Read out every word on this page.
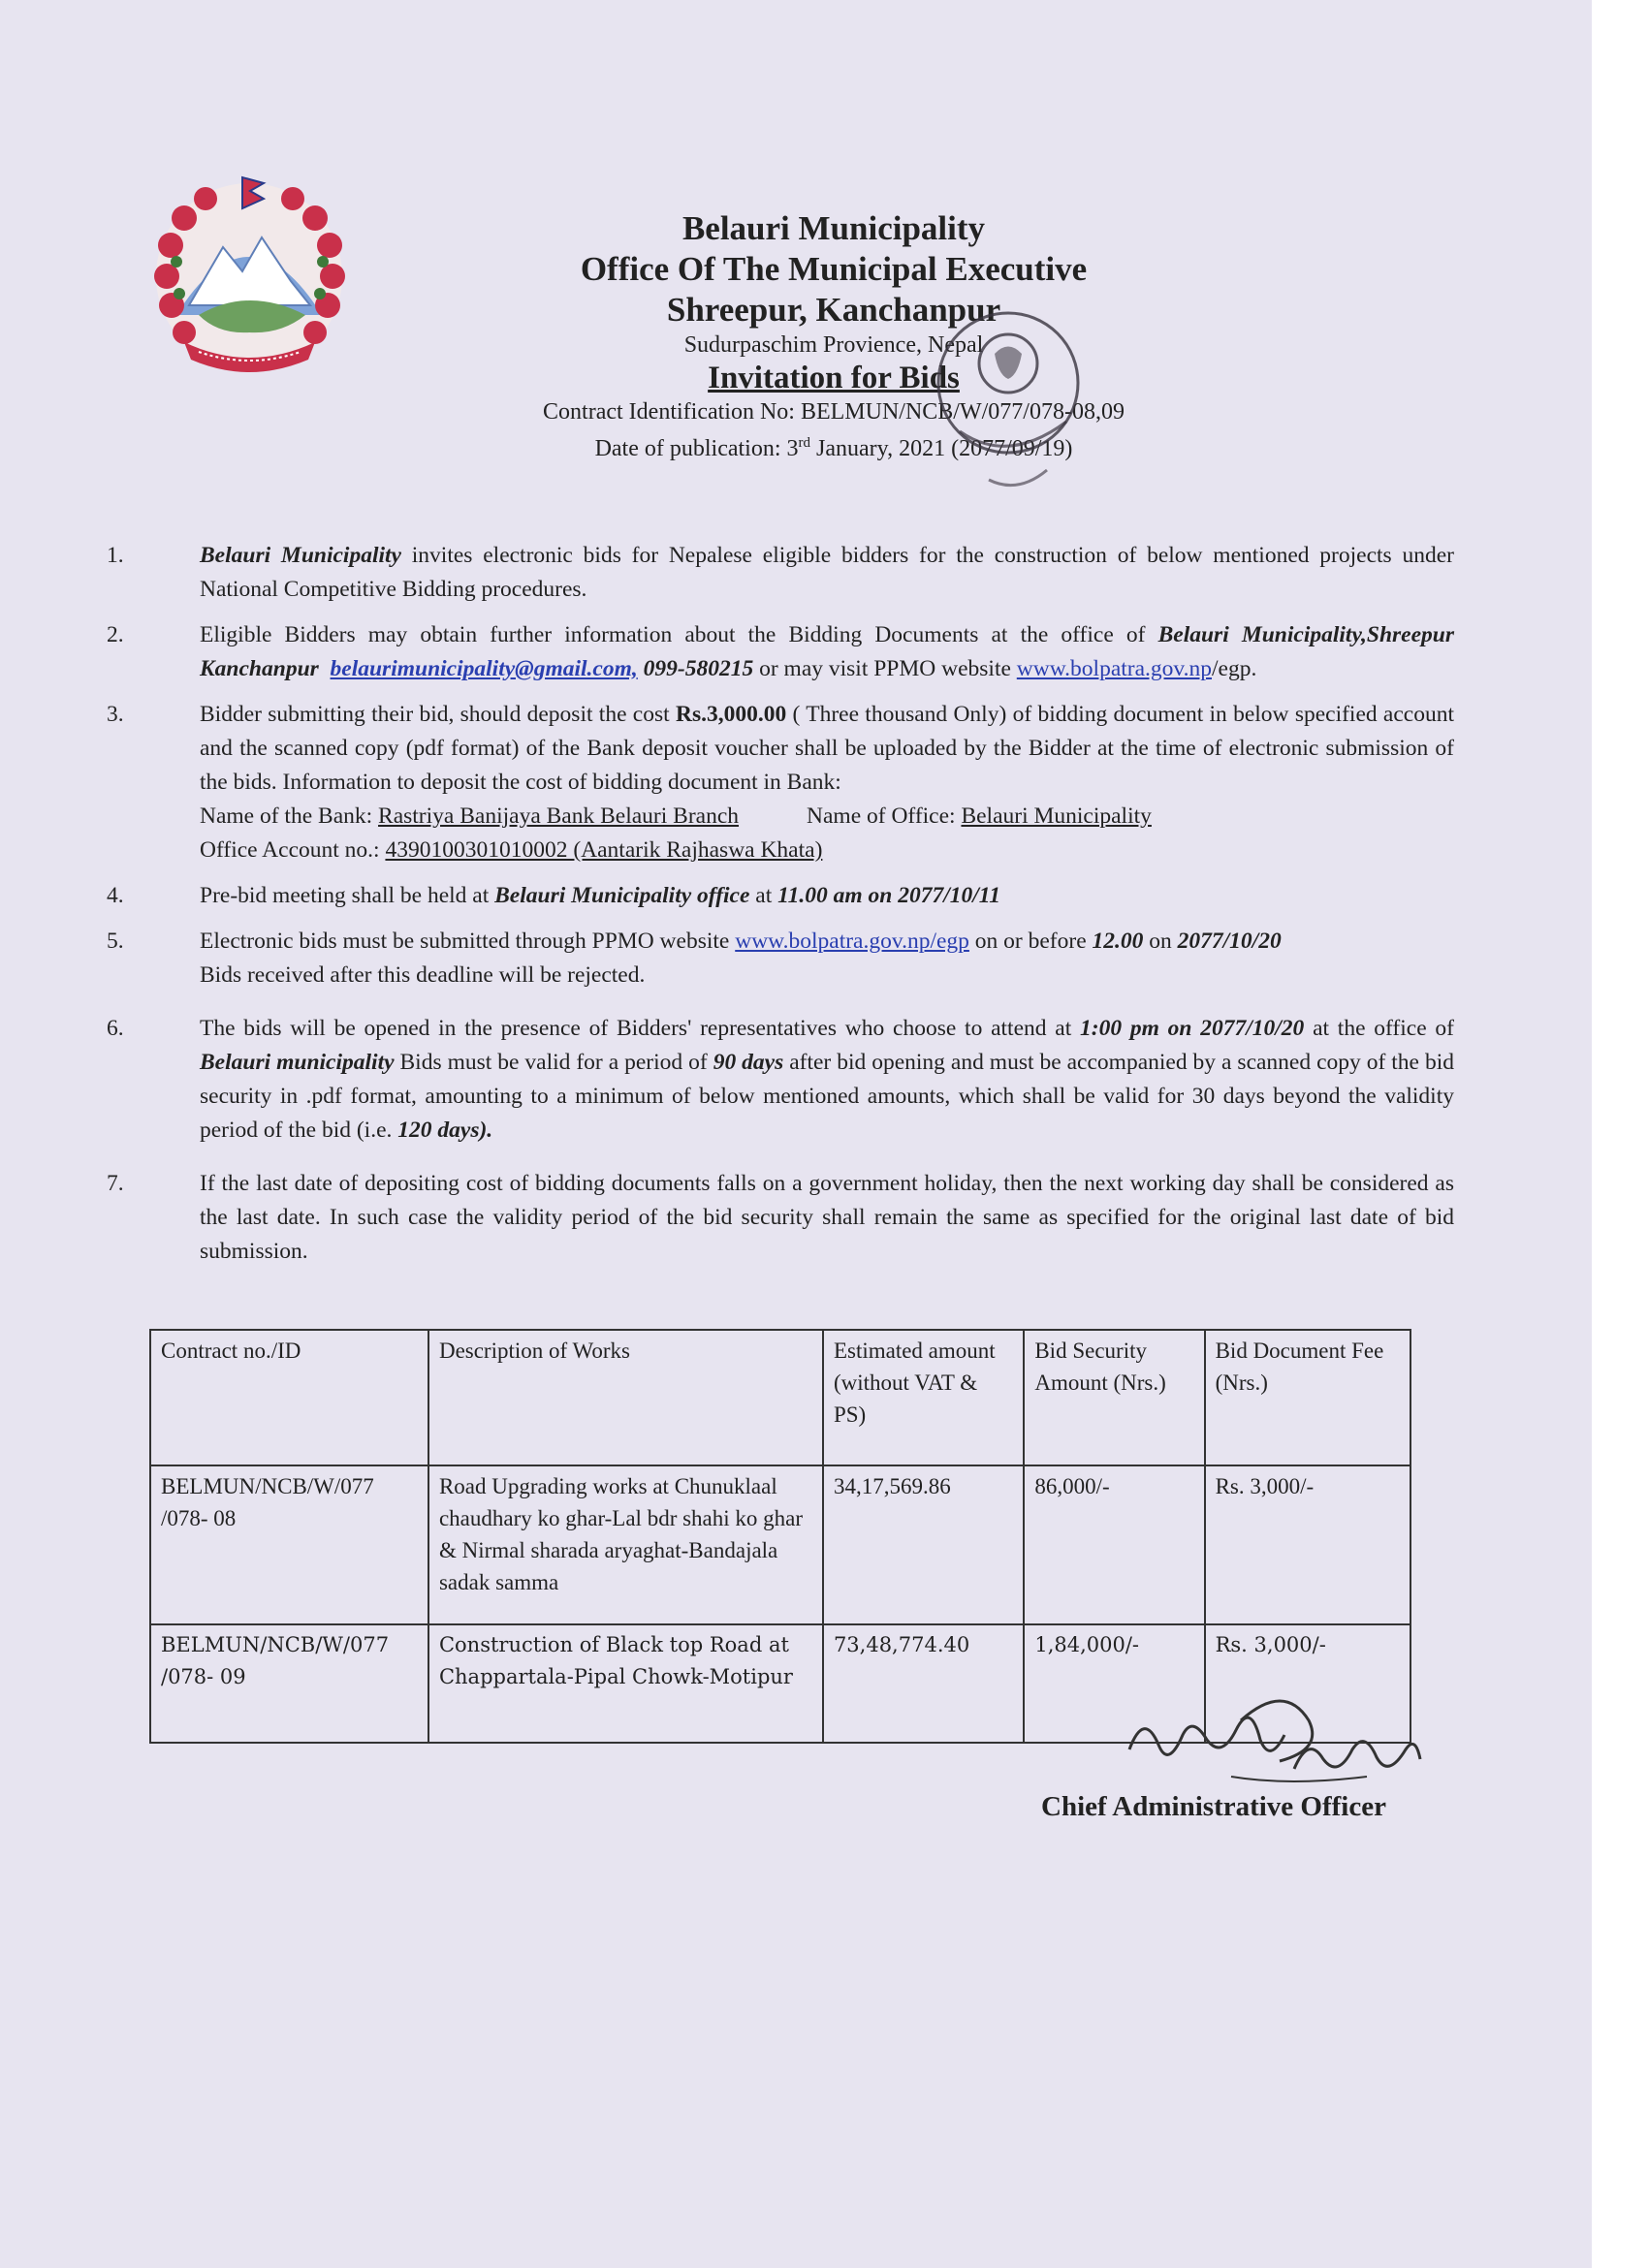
Belauri Municipality
Office Of The Municipal Executive
Shreepur, Kanchanpur
Sudurpaschim Provience, Nepal
Invitation for Bids
Contract Identification No: BELMUN/NCB/W/077/078-08,09
Date of publication: 3rd January, 2021 (2077/09/19)
1.	Belauri Municipality invites electronic bids for Nepalese eligible bidders for the construction of below mentioned projects under National Competitive Bidding procedures.
2.	Eligible Bidders may obtain further information about the Bidding Documents at the office of Belauri Municipality,Shreepur Kanchanpur belaurimunicipality@gmail.com, 099-580215 or may visit PPMO website www.bolpatra.gov.np/egp.
3.	Bidder submitting their bid, should deposit the cost Rs.3,000.00 ( Three thousand Only) of bidding document in below specified account and the scanned copy (pdf format) of the Bank deposit voucher shall be uploaded by the Bidder at the time of electronic submission of the bids. Information to deposit the cost of bidding document in Bank:
Name of the Bank: Rastriya Banijaya Bank Belauri Branch	Name of Office: Belauri Municipality
Office Account no.: 4390100301010002 (Aantarik Rajhaswa Khata)
4.	Pre-bid meeting shall be held at Belauri Municipality office at 11.00 am on 2077/10/11
5.	Electronic bids must be submitted through PPMO website www.bolpatra.gov.np/egp on or before 12.00 on 2077/10/20
Bids received after this deadline will be rejected.
6.	The bids will be opened in the presence of Bidders' representatives who choose to attend at 1:00 pm on 2077/10/20 at the office of Belauri municipality Bids must be valid for a period of 90 days after bid opening and must be accompanied by a scanned copy of the bid security in .pdf format, amounting to a minimum of below mentioned amounts, which shall be valid for 30 days beyond the validity period of the bid (i.e. 120 days).
7.	If the last date of depositing cost of bidding documents falls on a government holiday, then the next working day shall be considered as the last date. In such case the validity period of the bid security shall remain the same as specified for the original last date of bid submission.
Contract no./ID	Description of Works	Estimated amount (without VAT & PS)	Bid Security Amount (Nrs.)	Bid Document Fee (Nrs.)
BELMUN/NCB/W/077 /078- 08	Road Upgrading works at Chunuklaal chaudhary ko ghar-Lal bdr shahi ko ghar & Nirmal sharada aryaghat-Bandajala sadak samma	34,17,569.86	86,000/-	Rs. 3,000/-
BELMUN/NCB/W/077 /078- 09	Construction of Black top Road at Chappartala-Pipal Chowk-Motipur	73,48,774.40	1,84,000/-	Rs. 3,000/-
Chief Administrative Officer
